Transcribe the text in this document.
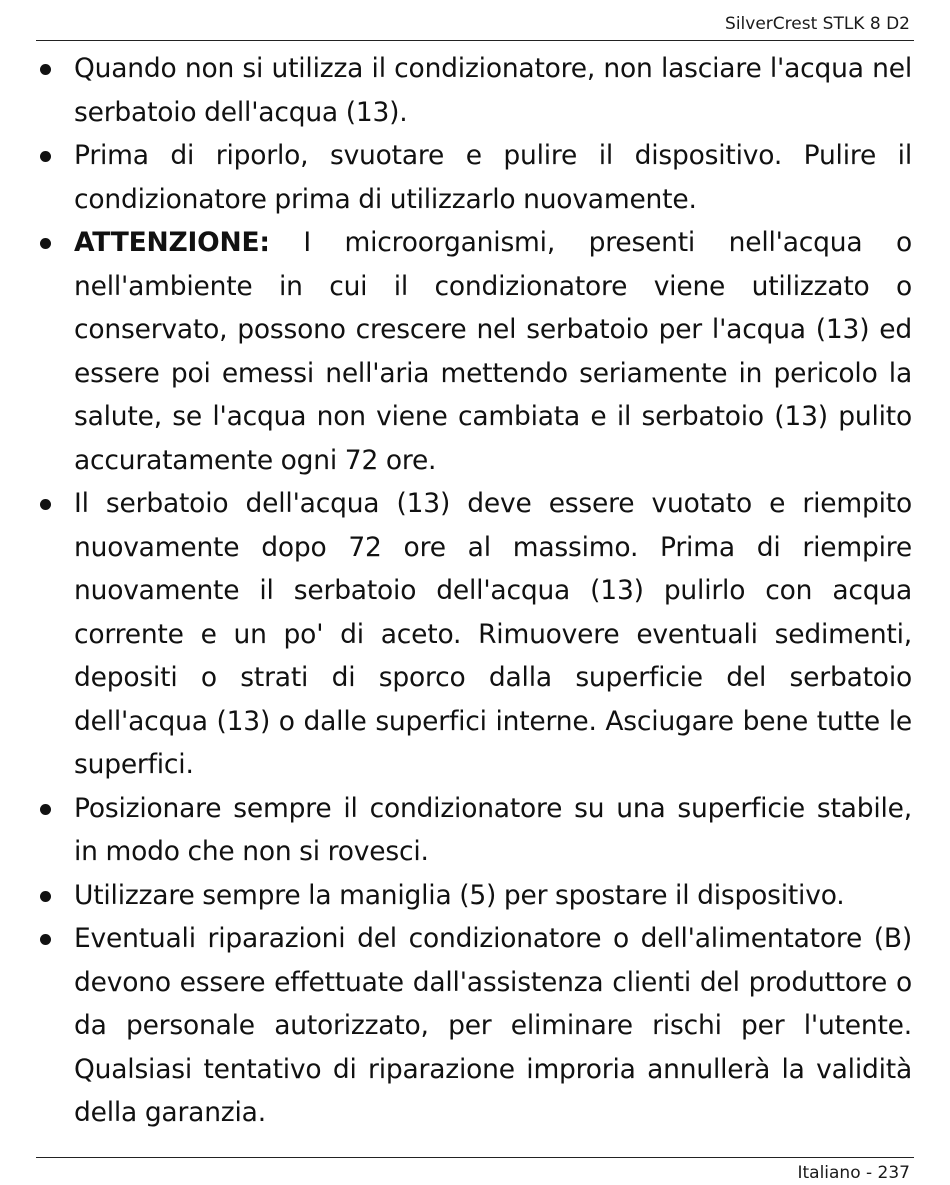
SilverCrest STLK 8 D2
Quando non si utilizza il condizionatore, non lasciare l'acqua nel serbatoio dell'acqua (13).
Prima di riporlo, svuotare e pulire il dispositivo. Pulire il condizionatore prima di utilizzarlo nuovamente.
ATTENZIONE: I microorganismi, presenti nell'acqua o nell'ambiente in cui il condizionatore viene utilizzato o conservato, possono crescere nel serbatoio per l'acqua (13) ed essere poi emessi nell'aria mettendo seriamente in pericolo la salute, se l'acqua non viene cambiata e il serbatoio (13) pulito accuratamente ogni 72 ore.
Il serbatoio dell'acqua (13) deve essere vuotato e riempito nuovamente dopo 72 ore al massimo. Prima di riempire nuovamente il serbatoio dell'acqua (13) pulirlo con acqua corrente e un po' di aceto. Rimuovere eventuali sedimenti, depositi o strati di sporco dalla superficie del serbatoio dell'acqua (13) o dalle superfici interne. Asciugare bene tutte le superfici.
Posizionare sempre il condizionatore su una superficie stabile, in modo che non si rovesci.
Utilizzare sempre la maniglia (5) per spostare il dispositivo.
Eventuali riparazioni del condizionatore o dell'alimentatore (B) devono essere effettuate dall'assistenza clienti del produttore o da personale autorizzato, per eliminare rischi per l'utente. Qualsiasi tentativo di riparazione improria annullerà la validità della garanzia.
Italiano - 237
